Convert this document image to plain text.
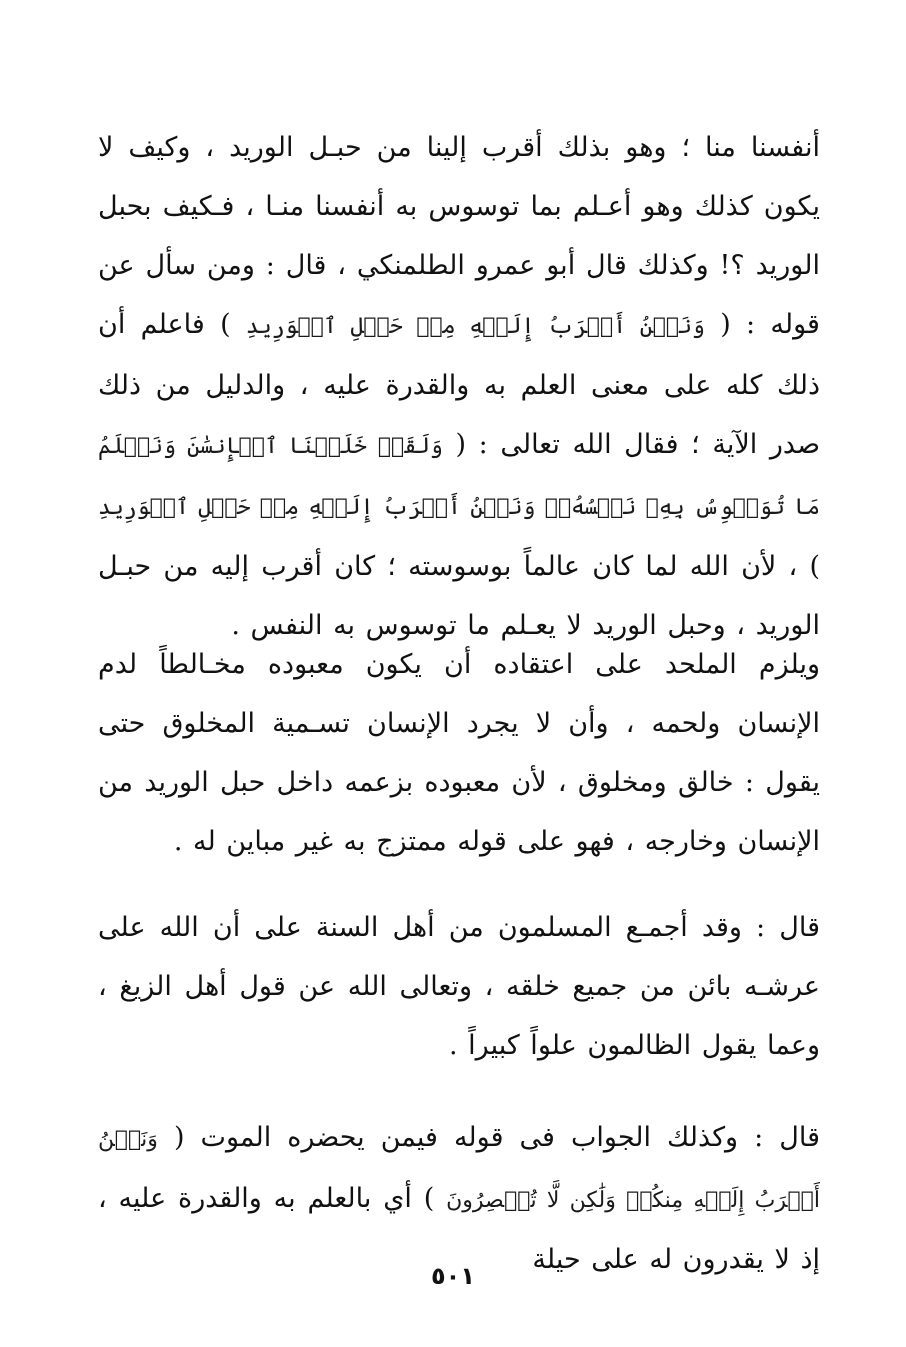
أنفسنا منا ؛ وهو بذلك أقرب إلينا من حبـل الوريد ، وكيف لا يكون كذلك وهو أعـلم بما توسوس به أنفسنا منـا ، فـكيف بحبل الوريد ؟! وكذلك قال أبو عمرو الطلمنكي ، قال : ومن سأل عن قوله : ( وَنَحۡنُ أَقۡرَبُ إِلَيۡهِ مِنۡ حَبۡلِ ٱلۡوَرِيدِ ) فاعلم أن ذلك كله على معنى العلم به والقدرة عليه ، والدليل من ذلك صدر الآية ؛ فقال الله تعالى : ( وَلَقَدۡ خَلَقۡنَا ٱلۡإِنسَٰنَ وَنَعۡلَمُ مَا تُوَسۡوِسُ بِهِۦ نَفۡسُهُۥۖ وَنَحۡنُ أَقۡرَبُ إِلَيۡهِ مِنۡ حَبۡلِ ٱلۡوَرِيدِ ) ، لأن الله لما كان عالماً بوسوسته ؛ كان أقرب إليه من حبـل الوريد ، وحبل الوريد لا يعـلم ما توسوس به النفس .

ويلزم الملحد على اعتقاده أن يكون معبوده مخـالطاً لدم الإنسان ولحمه ، وأن لا يجرد الإنسان تسـمية المخلوق حتى يقول : خالق ومخلوق ، لأن معبوده بزعمه داخل حبل الوريد من الإنسان وخارجه ، فهو على قوله ممتزج به غير مباين له .

قال : وقد أجمـع المسلمون من أهل السنة على أن الله على عرشـه بائن من جميع خلقه ، وتعالى الله عن قول أهل الزيغ ، وعما يقول الظالمون علواً كبيراً .

قال : وكذلك الجواب فى قوله فيمن يحضره الموت ( وَنَحۡنُ أَقۡرَبُ إِلَيۡهِ مِنكُمۡ وَلَٰكِن لَّا تُبۡصِرُونَ ) أي بالعلم به والقدرة عليه ، إذ لا يقدرون له على حيلة

٥٠١
